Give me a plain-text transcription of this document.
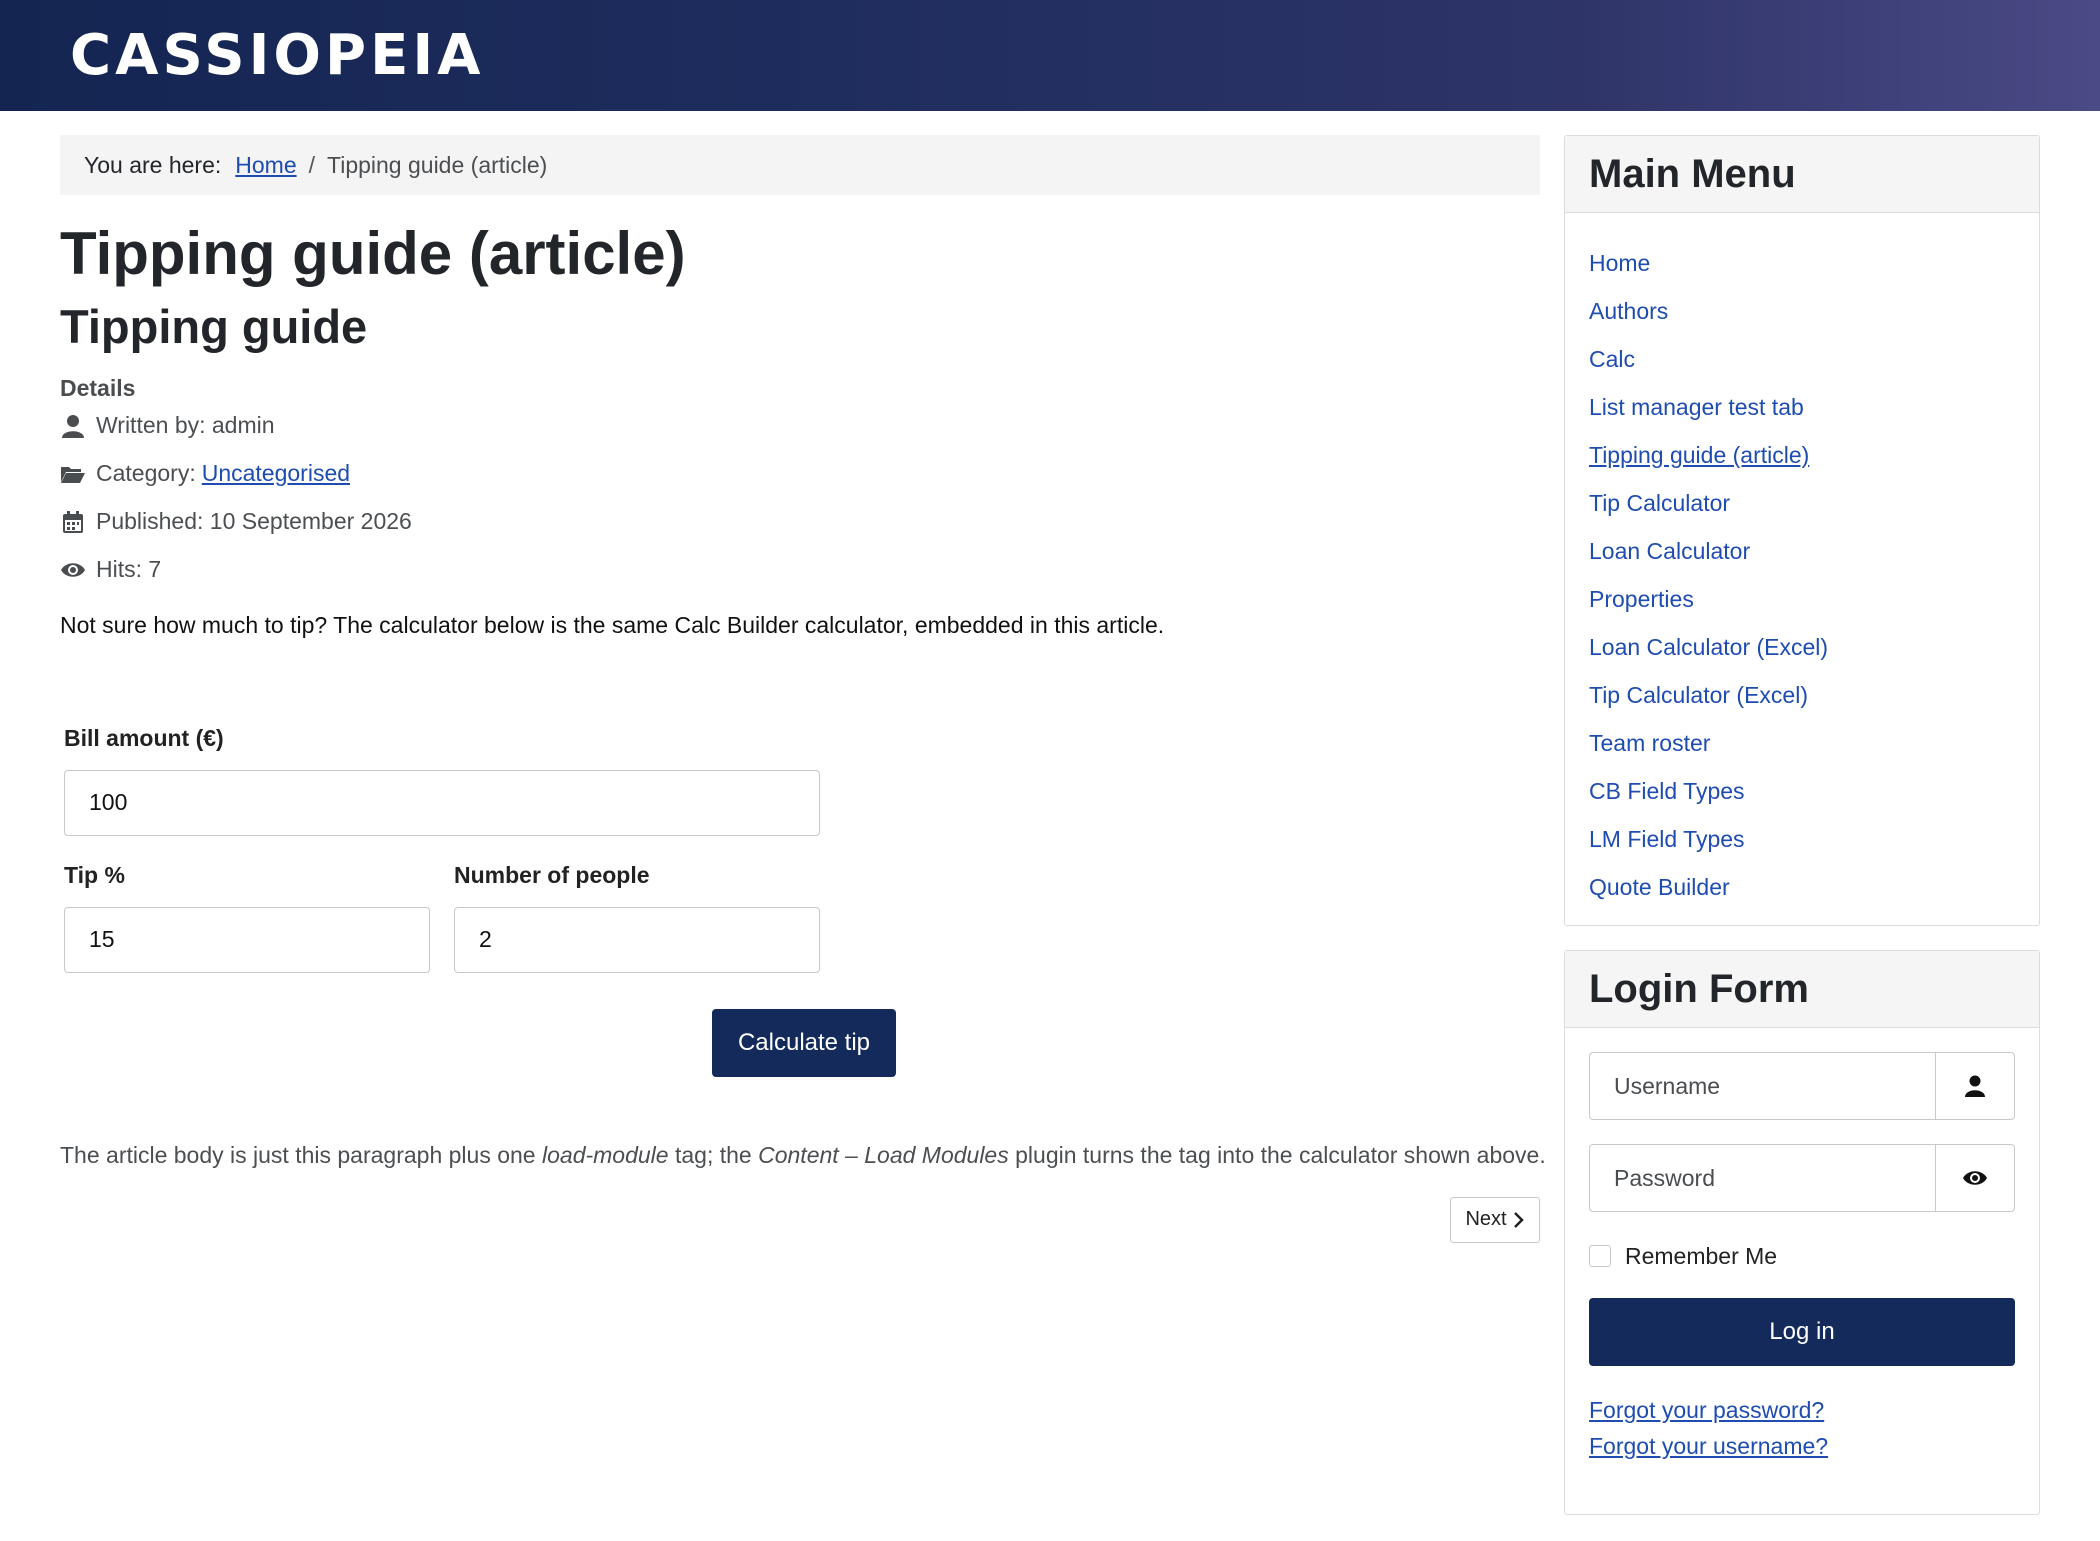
CASSIOPEIA
You are here: Home / Tipping guide (article)
Tipping guide (article)
Tipping guide
Details
Written by: admin
Category: Uncategorised
Published: 10 September 2026
Hits: 7

Not sure how much to tip? The calculator below is the same Calc Builder calculator, embedded in this article.

Bill amount (€)
100
Tip %
15
Number of people
2
Calculate tip

The article body is just this paragraph plus one load-module tag; the Content – Load Modules plugin turns the tag into the calculator shown above.

Next
Main Menu
Home
Authors
Calc
List manager test tab
Tipping guide (article)
Tip Calculator
Loan Calculator
Properties
Loan Calculator (Excel)
Tip Calculator (Excel)
Team roster
CB Field Types
LM Field Types
Quote Builder
Login Form
Username
Password
Remember Me
Log in
Forgot your password?
Forgot your username?
